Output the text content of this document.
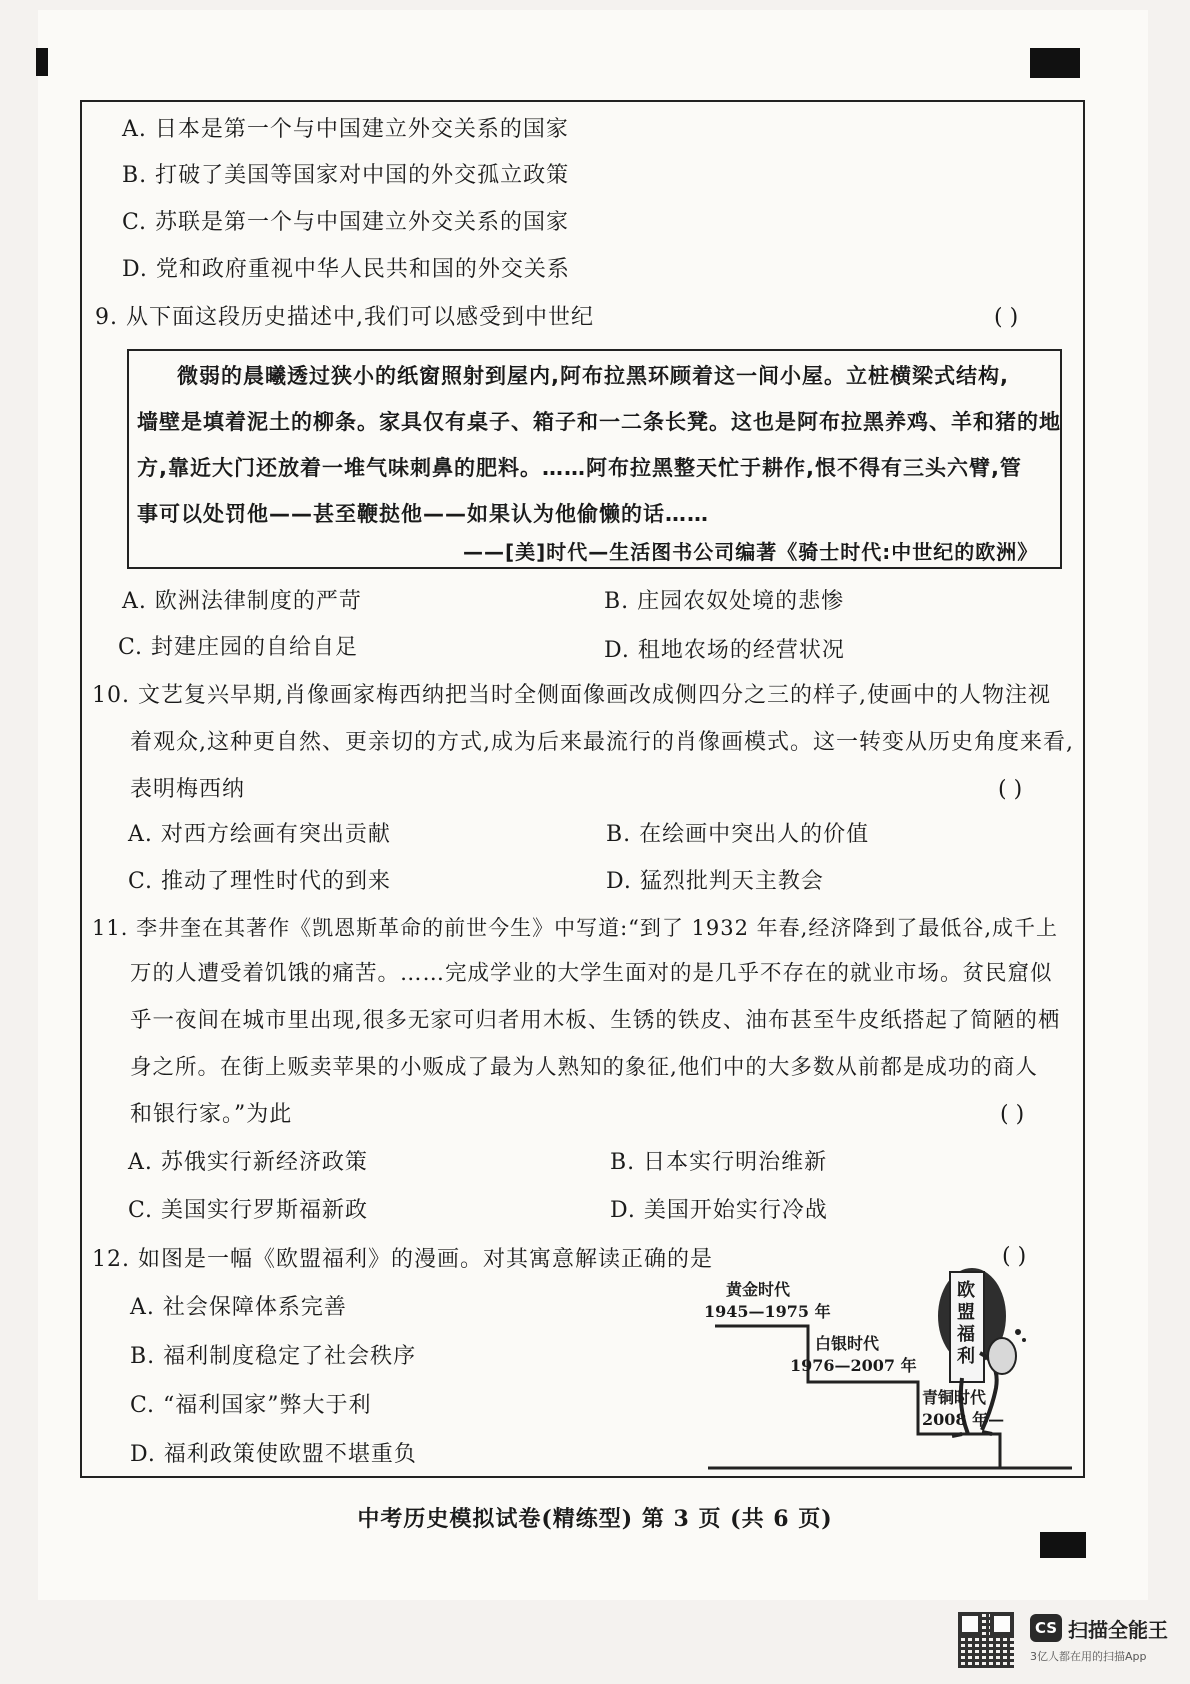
A. 日本是第一个与中国建立外交关系的国家
B. 打破了美国等国家对中国的外交孤立政策
C. 苏联是第一个与中国建立外交关系的国家
D. 党和政府重视中华人民共和国的外交关系
9. 从下面这段历史描述中,我们可以感受到中世纪	( )
微弱的晨曦透过狭小的纸窗照射到屋内,阿布拉黑环顾着这一间小屋。立桩横梁式结构,
墙壁是填着泥土的柳条。家具仅有桌子、箱子和一二条长凳。这也是阿布拉黑养鸡、羊和猪的地
方,靠近大门还放着一堆气味刺鼻的肥料。……阿布拉黑整天忙于耕作,恨不得有三头六臂,管
事可以处罚他——甚至鞭挞他——如果认为他偷懒的话……
——[美]时代—生活图书公司编著《骑士时代:中世纪的欧洲》
A. 欧洲法律制度的严苛	B. 庄园农奴处境的悲惨
C. 封建庄园的自给自足	D. 租地农场的经营状况
10. 文艺复兴早期,肖像画家梅西纳把当时全侧面像画改成侧四分之三的样子,使画中的人物注视
着观众,这种更自然、更亲切的方式,成为后来最流行的肖像画模式。这一转变从历史角度来看,
表明梅西纳	( )
A. 对西方绘画有突出贡献	B. 在绘画中突出人的价值
C. 推动了理性时代的到来	D. 猛烈批判天主教会
11. 李井奎在其著作《凯恩斯革命的前世今生》中写道:“到了 1932 年春,经济降到了最低谷,成千上
万的人遭受着饥饿的痛苦。……完成学业的大学生面对的是几乎不存在的就业市场。贫民窟似
乎一夜间在城市里出现,很多无家可归者用木板、生锈的铁皮、油布甚至牛皮纸搭起了简陋的栖
身之所。在街上贩卖苹果的小贩成了最为人熟知的象征,他们中的大多数从前都是成功的商人
和银行家。”为此	( )
A. 苏俄实行新经济政策	B. 日本实行明治维新
C. 美国实行罗斯福新政	D. 美国开始实行冷战
12. 如图是一幅《欧盟福利》的漫画。对其寓意解读正确的是	( )
A. 社会保障体系完善
B. 福利制度稳定了社会秩序
C. “福利国家”弊大于利
D. 福利政策使欧盟不堪重负
欧盟福利
黄金时代
1945—1975 年
白银时代
1976—2007 年
青铜时代
2008 年—
中考历史模拟试卷(精练型) 第 3 页 (共 6 页)
CS 扫描全能王
3亿人都在用的扫描App
